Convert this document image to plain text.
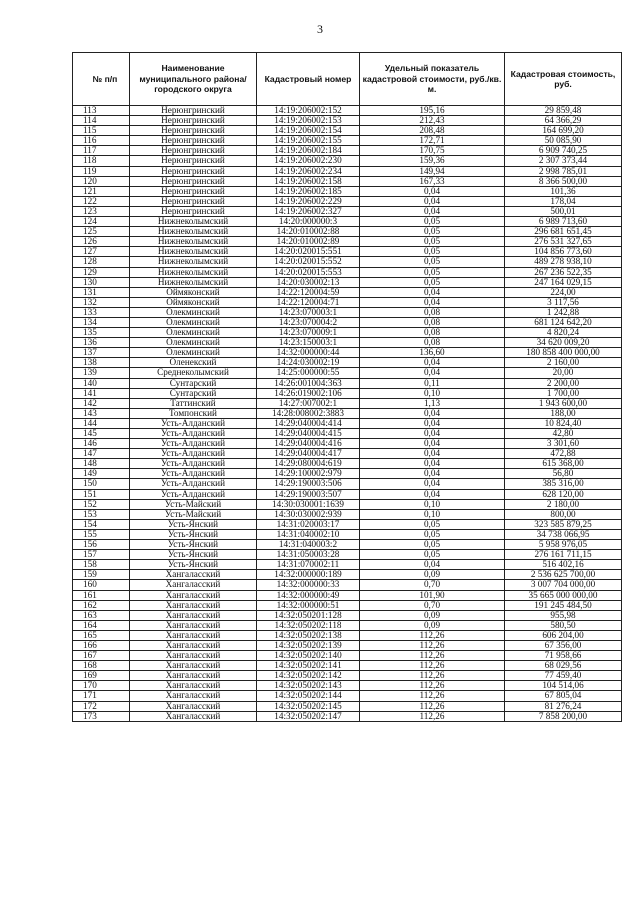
3
№ п/п	Наименование муниципального района/городского округа	Кадастровый номер	Удельный показатель кадастровой стоимости, руб./кв. м.	Кадастровая стоимость, руб.
113	Нерюнгринский	14:19:206002:152	195,16	29 859,48
114	Нерюнгринский	14:19:206002:153	212,43	64 366,29
115	Нерюнгринский	14:19:206002:154	208,48	164 699,20
116	Нерюнгринский	14:19:206002:155	172,71	50 085,90
117	Нерюнгринский	14:19:206002:184	170,75	6 909 740,25
118	Нерюнгринский	14:19:206002:230	159,36	2 307 373,44
119	Нерюнгринский	14:19:206002:234	149,94	2 998 785,01
120	Нерюнгринский	14:19:206002:158	167,33	8 366 500,00
121	Нерюнгринский	14:19:206002:185	0,04	101,36
122	Нерюнгринский	14:19:206002:229	0,04	178,04
123	Нерюнгринский	14:19:206002:327	0,04	500,01
124	Нижнеколымский	14:20:000000:3	0,05	6 989 713,60
125	Нижнеколымский	14:20:010002:88	0,05	296 681 651,45
126	Нижнеколымский	14:20:010002:89	0,05	276 531 327,65
127	Нижнеколымский	14:20:020015:551	0,05	104 856 773,60
128	Нижнеколымский	14:20:020015:552	0,05	489 278 938,10
129	Нижнеколымский	14:20:020015:553	0,05	267 236 522,35
130	Нижнеколымский	14:20:030002:13	0,05	247 164 029,15
131	Оймяконский	14:22:120004:59	0,04	224,00
132	Оймяконский	14:22:120004:71	0,04	3 117,56
133	Олекминский	14:23:070003:1	0,08	1 242,88
134	Олекминский	14:23:070004:2	0,08	681 124 642,20
135	Олекминский	14:23:070009:1	0,08	4 820,24
136	Олекминский	14:23:150003:1	0,08	34 620 009,20
137	Олекминский	14:32:000000:44	136,60	180 858 400 000,00
138	Оленекский	14:24:030002:19	0,04	2 160,00
139	Среднеколымский	14:25:000000:55	0,04	20,00
140	Сунтарский	14:26:001004:363	0,11	2 200,00
141	Сунтарский	14:26:019002:106	0,10	1 700,00
142	Таттинский	14:27:007002:1	1,13	1 943 600,00
143	Томпонский	14:28:008002:3883	0,04	188,00
144	Усть-Алданский	14:29:040004:414	0,04	10 824,40
145	Усть-Алданский	14:29:040004:415	0,04	42,80
146	Усть-Алданский	14:29:040004:416	0,04	3 301,60
147	Усть-Алданский	14:29:040004:417	0,04	472,88
148	Усть-Алданский	14:29:080004:619	0,04	615 368,00
149	Усть-Алданский	14:29:100002:979	0,04	56,80
150	Усть-Алданский	14:29:190003:506	0,04	385 316,00
151	Усть-Алданский	14:29:190003:507	0,04	628 120,00
152	Усть-Майский	14:30:030001:1639	0,10	2 180,00
153	Усть-Майский	14:30:030002:939	0,10	800,00
154	Усть-Янский	14:31:020003:17	0,05	323 585 879,25
155	Усть-Янский	14:31:040002:10	0,05	34 738 066,95
156	Усть-Янский	14:31:040003:2	0,05	5 958 976,05
157	Усть-Янский	14:31:050003:28	0,05	276 161 711,15
158	Усть-Янский	14:31:070002:11	0,04	516 402,16
159	Хангаласский	14:32:000000:189	0,09	2 536 625 700,00
160	Хангаласский	14:32:000000:33	0,70	3 007 704 000,00
161	Хангаласский	14:32:000000:49	101,90	35 665 000 000,00
162	Хангаласский	14:32:000000:51	0,70	191 245 484,50
163	Хангаласский	14:32:050201:128	0,09	955,98
164	Хангаласский	14:32:050202:118	0,09	580,50
165	Хангаласский	14:32:050202:138	112,26	606 204,00
166	Хангаласский	14:32:050202:139	112,26	67 356,00
167	Хангаласский	14:32:050202:140	112,26	71 958,66
168	Хангаласский	14:32:050202:141	112,26	68 029,56
169	Хангаласский	14:32:050202:142	112,26	77 459,40
170	Хангаласский	14:32:050202:143	112,26	104 514,06
171	Хангаласский	14:32:050202:144	112,26	67 805,04
172	Хангаласский	14:32:050202:145	112,26	81 276,24
173	Хангаласский	14:32:050202:147	112,26	7 858 200,00
